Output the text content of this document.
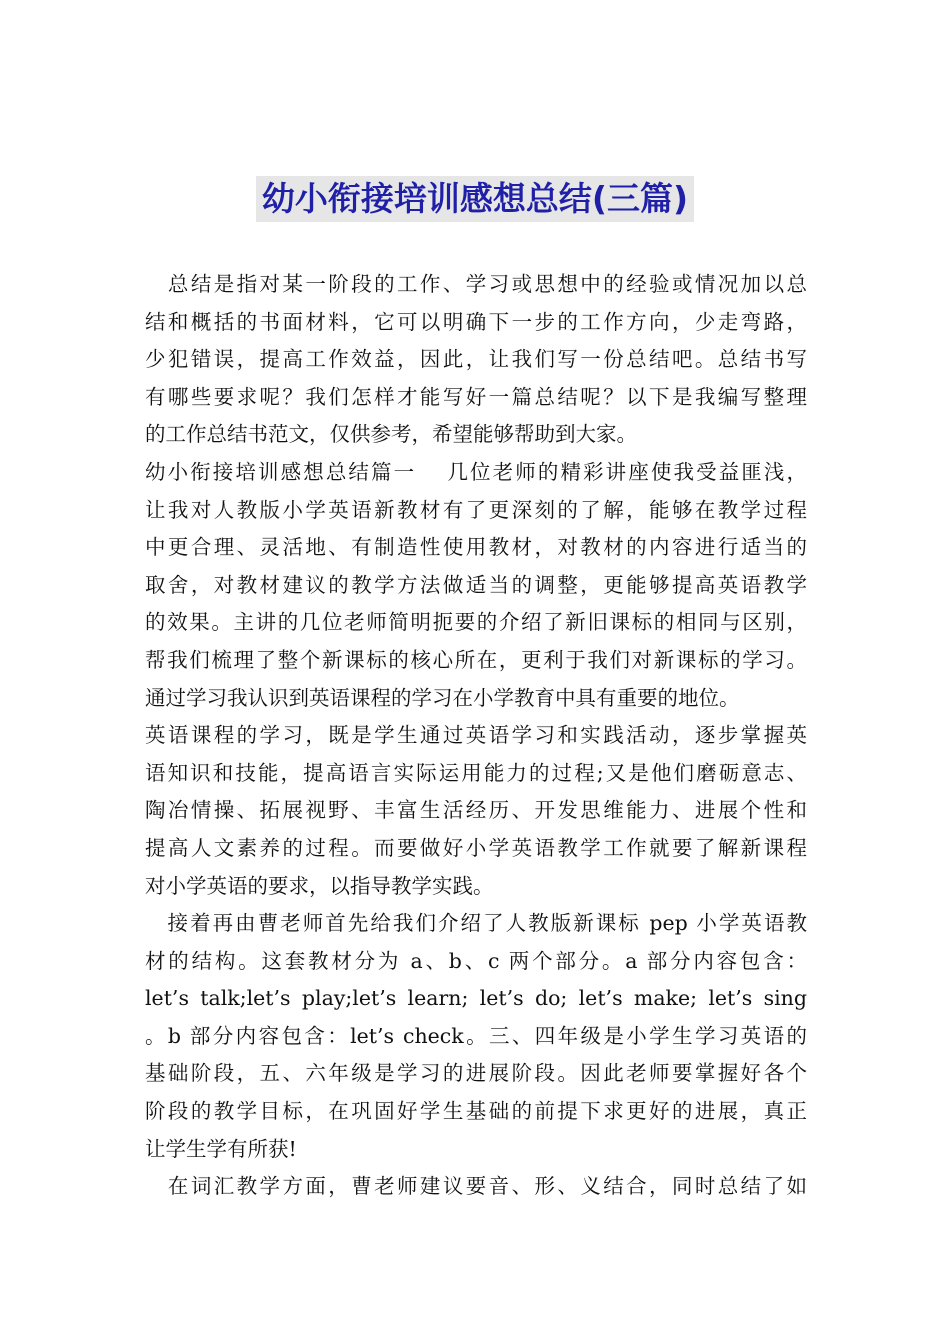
幼小衔接培训感想总结(三篇)
　总结是指对某一阶段的工作、学习或思想中的经验或情况加以总
结和概括的书面材料，它可以明确下一步的工作方向，少走弯路，
少犯错误，提高工作效益，因此，让我们写一份总结吧。总结书写
有哪些要求呢？我们怎样才能写好一篇总结呢？以下是我编写整理
的工作总结书范文，仅供参考，希望能够帮助到大家。
幼小衔接培训感想总结篇一　 几位老师的精彩讲座使我受益匪浅，
让我对人教版小学英语新教材有了更深刻的了解，能够在教学过程
中更合理、灵活地、有制造性使用教材，对教材的内容进行适当的
取舍，对教材建议的教学方法做适当的调整，更能够提高英语教学
的效果。主讲的几位老师简明扼要的介绍了新旧课标的相同与区别，
帮我们梳理了整个新课标的核心所在，更利于我们对新课标的学习。
通过学习我认识到英语课程的学习在小学教育中具有重要的地位。
英语课程的学习，既是学生通过英语学习和实践活动，逐步掌握英
语知识和技能，提高语言实际运用能力的过程;又是他们磨砺意志、
陶冶情操、拓展视野、丰富生活经历、开发思维能力、进展个性和
提高人文素养的过程。而要做好小学英语教学工作就要了解新课程
对小学英语的要求，以指导教学实践。
　接着再由曹老师首先给我们介绍了人教版新课标 pep 小学英语教
材的结构。这套教材分为 a、b、c 两个部分。a 部分内容包含：
let’s talk;let’s play;let’s learn; let’s do; let’s make; let’s sing
。b 部分内容包含：let’s check。三、四年级是小学生学习英语的
基础阶段，五、六年级是学习的进展阶段。因此老师要掌握好各个
阶段的教学目标，在巩固好学生基础的前提下求更好的进展，真正
让学生学有所获!
　在词汇教学方面，曹老师建议要音、形、义结合，同时总结了如
